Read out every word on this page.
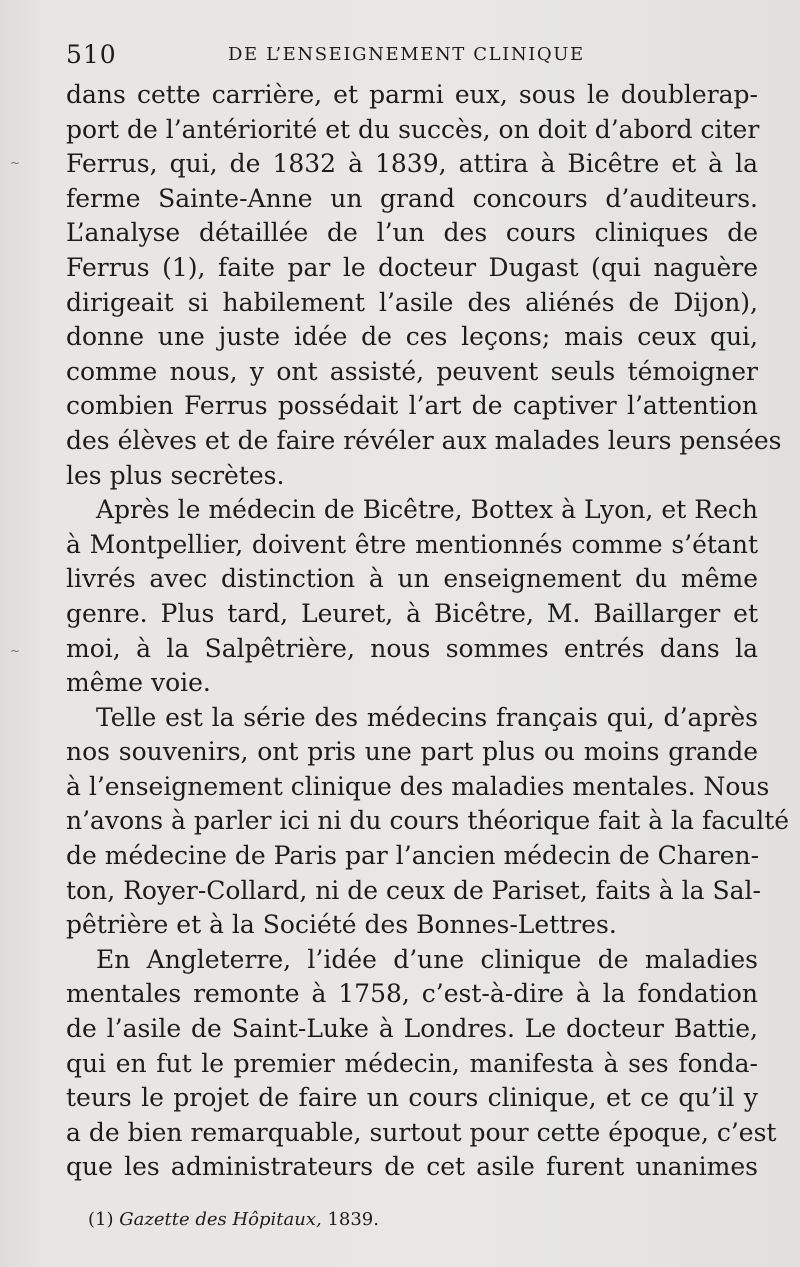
510	DE L’ENSEIGNEMENT CLINIQUE
dans cette carrière, et parmi eux, sous le doublerap-
port de l’antériorité et du succès, on doit d’abord citer
Ferrus, qui, de 1832 à 1839, attira à Bicêtre et à la
ferme Sainte-Anne un grand concours d’auditeurs.
L’analyse détaillée de l’un des cours cliniques de
Ferrus (1), faite par le docteur Dugast (qui naguère
dirigeait si habilement l’asile des aliénés de Dijon),
donne une juste idée de ces leçons; mais ceux qui,
comme nous, y ont assisté, peuvent seuls témoigner
combien Ferrus possédait l’art de captiver l’attention
des élèves et de faire révéler aux malades leurs pensées
les plus secrètes.
Après le médecin de Bicêtre, Bottex à Lyon, et Rech
à Montpellier, doivent être mentionnés comme s’étant
livrés avec distinction à un enseignement du même
genre. Plus tard, Leuret, à Bicêtre, M. Baillarger et
moi, à la Salpêtrière, nous sommes entrés dans la
même voie.
Telle est la série des médecins français qui, d’après
nos souvenirs, ont pris une part plus ou moins grande
à l’enseignement clinique des maladies mentales. Nous
n’avons à parler ici ni du cours théorique fait à la faculté
de médecine de Paris par l’ancien médecin de Charen-
ton, Royer-Collard, ni de ceux de Pariset, faits à la Sal-
pêtrière et à la Société des Bonnes-Lettres.
En Angleterre, l’idée d’une clinique de maladies
mentales remonte à 1758, c’est-à-dire à la fondation
de l’asile de Saint-Luke à Londres. Le docteur Battie,
qui en fut le premier médecin, manifesta à ses fonda-
teurs le projet de faire un cours clinique, et ce qu’il y
a de bien remarquable, surtout pour cette époque, c’est
que les administrateurs de cet asile furent unanimes
(1) Gazette des Hôpitaux, 1839.
~
~
